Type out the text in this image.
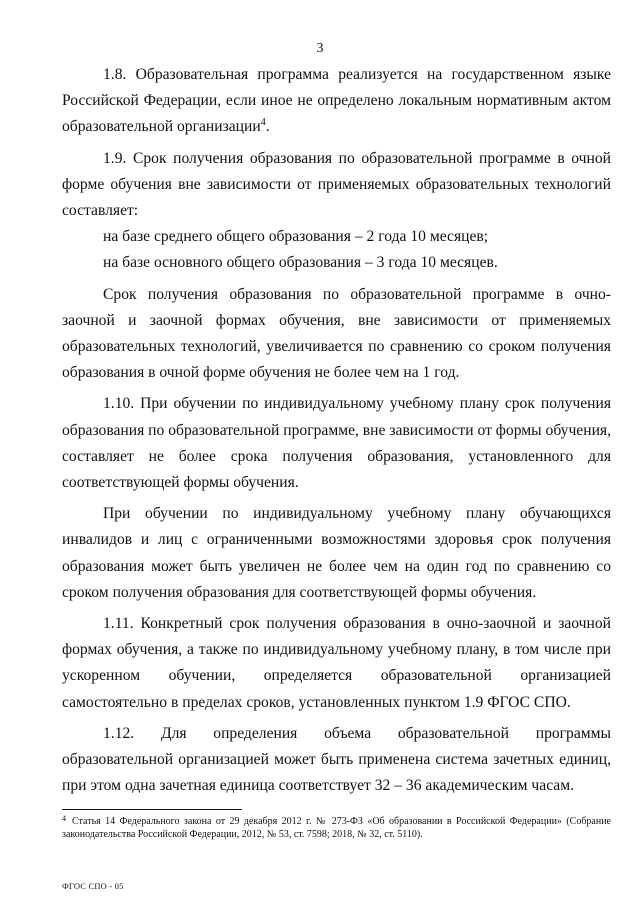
3

1.8. Образовательная программа реализуется на государственном языке Российской Федерации, если иное не определено локальным нормативным актом образовательной организации$^4$.

1.9. Срок получения образования по образовательной программе в очной форме обучения вне зависимости от применяемых образовательных технологий составляет:

на базе среднего общего образования – 2 года 10 месяцев;

на базе основного общего образования – 3 года 10 месяцев.

Срок получения образования по образовательной программе в очно-заочной и заочной формах обучения, вне зависимости от применяемых образовательных технологий, увеличивается по сравнению со сроком получения образования в очной форме обучения не более чем на 1 год.

1.10. При обучении по индивидуальному учебному плану срок получения образования по образовательной программе, вне зависимости от формы обучения, составляет не более срока получения образования, установленного для соответствующей формы обучения.

При обучении по индивидуальному учебному плану обучающихся инвалидов и лиц с ограниченными возможностями здоровья срок получения образования может быть увеличен не более чем на один год по сравнению со сроком получения образования для соответствующей формы обучения.

1.11. Конкретный срок получения образования в очно-заочной и заочной формах обучения, а также по индивидуальному учебному плану, в том числе при ускоренном обучении, определяется образовательной организацией самостоятельно в пределах сроков, установленных пунктом 1.9 ФГОС СПО.

1.12. Для определения объема образовательной программы образовательной организацией может быть применена система зачетных единиц, при этом одна зачетная единица соответствует 32 – 36 академическим часам.

$^4$ Статья 14 Федерального закона от 29 декабря 2012 г. № 273-ФЗ «Об образовании в Российской Федерации» (Собрание законодательства Российской Федерации, 2012, № 53, ст. 7598; 2018, № 32, ст. 5110).
ФГОС СПО - 05
